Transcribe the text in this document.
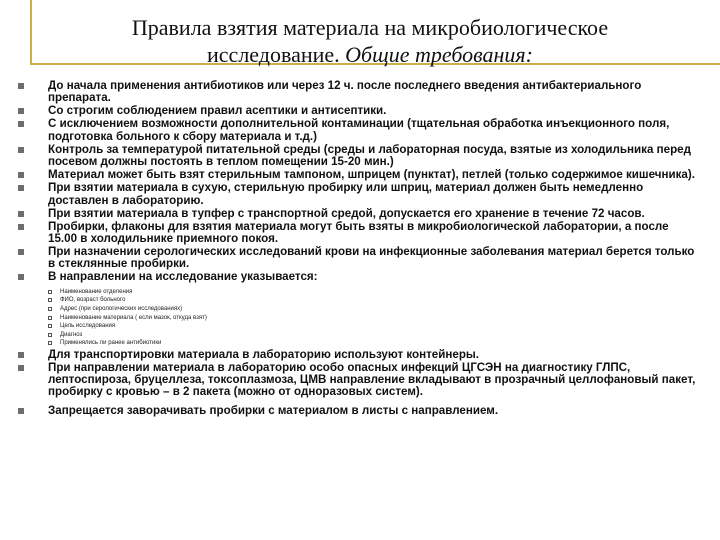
Правила взятия материала на микробиологическое
исследование. Общие требования:
До начала применения антибиотиков или через 12 ч. после последнего введения антибактериального препарата.
Со строгим соблюдением правил асептики и антисептики.
С исключением возможности дополнительной контаминации (тщательная обработка инъекционного поля, подготовка больного к сбору материала и т.д.)
Контроль за температурой питательной среды (среды и лабораторная посуда, взятые из холодильника перед посевом должны постоять в теплом помещении 15-20 мин.)
Материал может быть взят стерильным тампоном, шприцем (пунктат), петлей (только содержимое кишечника).
При взятии материала в сухую, стерильную пробирку или шприц, материал должен быть немедленно доставлен в лабораторию.
При взятии материала в тупфер с транспортной средой, допускается его хранение в течение 72 часов.
Пробирки, флаконы для взятия материала могут быть взяты в микробиологической лаборатории, а после 15.00 в холодильнике приемного покоя.
При назначении серологических исследований крови на инфекционные заболевания материал берется только в стеклянные пробирки.
В направлении на исследование указывается:
Наименование отделения
ФИО, возраст больного
Адрес (при серологических исследованиях)
Наименование материала ( если мазок, откуда взят)
Цель исследования
Диагноз
Применялись ли ранее антибиотики
Для транспортировки материала в лабораторию используют контейнеры.
При направлении материала в лабораторию особо опасных инфекций ЦГСЭН на диагностику ГЛПС, лептоспироза, бруцеллеза, токсоплазмоза, ЦМВ направление вкладывают в прозрачный целлофановый пакет, пробирку с кровью – в 2 пакета (можно от одноразовых систем).
Запрещается заворачивать пробирки с материалом в листы с направлением.
